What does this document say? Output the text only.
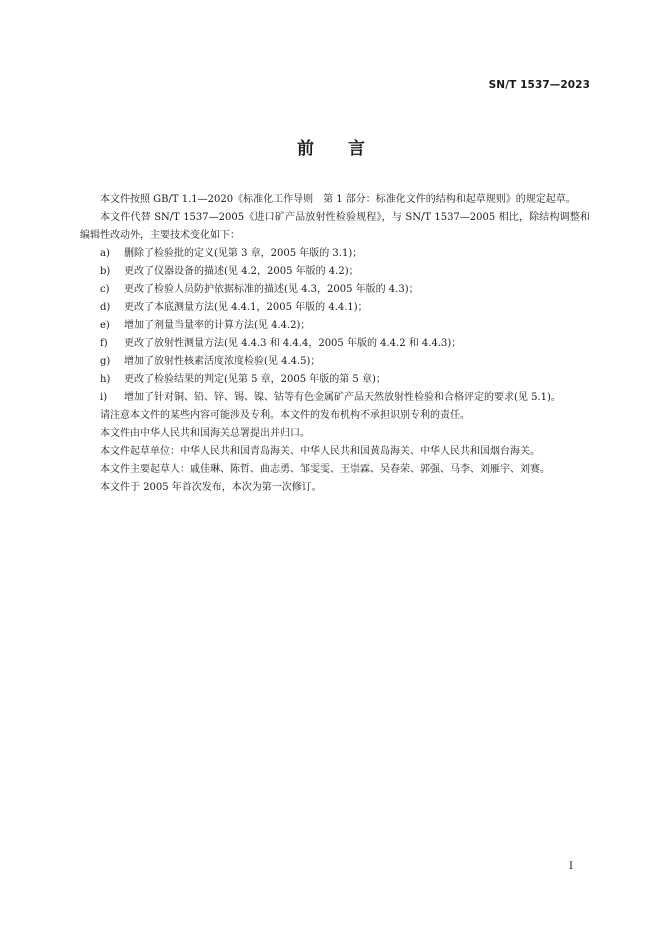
SN/T 1537—2023
前言

本文件按照 GB/T 1.1—2020《标准化工作导则　第 1 部分：标准化文件的结构和起草规则》的规定起草。

本文件代替 SN/T 1537—2005《进口矿产品放射性检验规程》，与 SN/T 1537—2005 相比，除结构调整和编辑性改动外，主要技术变化如下：

a)	删除了检验批的定义(见第 3 章，2005 年版的 3.1)；
b)	更改了仪器设备的描述(见 4.2，2005 年版的 4.2)；
c)	更改了检验人员防护依据标准的描述(见 4.3，2005 年版的 4.3)；
d)	更改了本底测量方法(见 4.4.1，2005 年版的 4.4.1)；
e)	增加了剂量当量率的计算方法(见 4.4.2)；
f)	更改了放射性测量方法(见 4.4.3 和 4.4.4，2005 年版的 4.4.2 和 4.4.3)；
g)	增加了放射性核素活度浓度检验(见 4.4.5)；
h)	更改了检验结果的判定(见第 5 章，2005 年版的第 5 章)；
i)	增加了针对铜、铅、锌、锡、镍、钴等有色金属矿产品天然放射性检验和合格评定的要求(见 5.1)。

请注意本文件的某些内容可能涉及专利。本文件的发布机构不承担识别专利的责任。

本文件由中华人民共和国海关总署提出并归口。

本文件起草单位：中华人民共和国青岛海关、中华人民共和国黄岛海关、中华人民共和国烟台海关。

本文件主要起草人：戚佳琳、陈哲、曲志勇、邹雯雯、王崇霖、吴春荣、郭强、马李、刘雁宇、刘赛。

本文件于 2005 年首次发布，本次为第一次修订。

I
